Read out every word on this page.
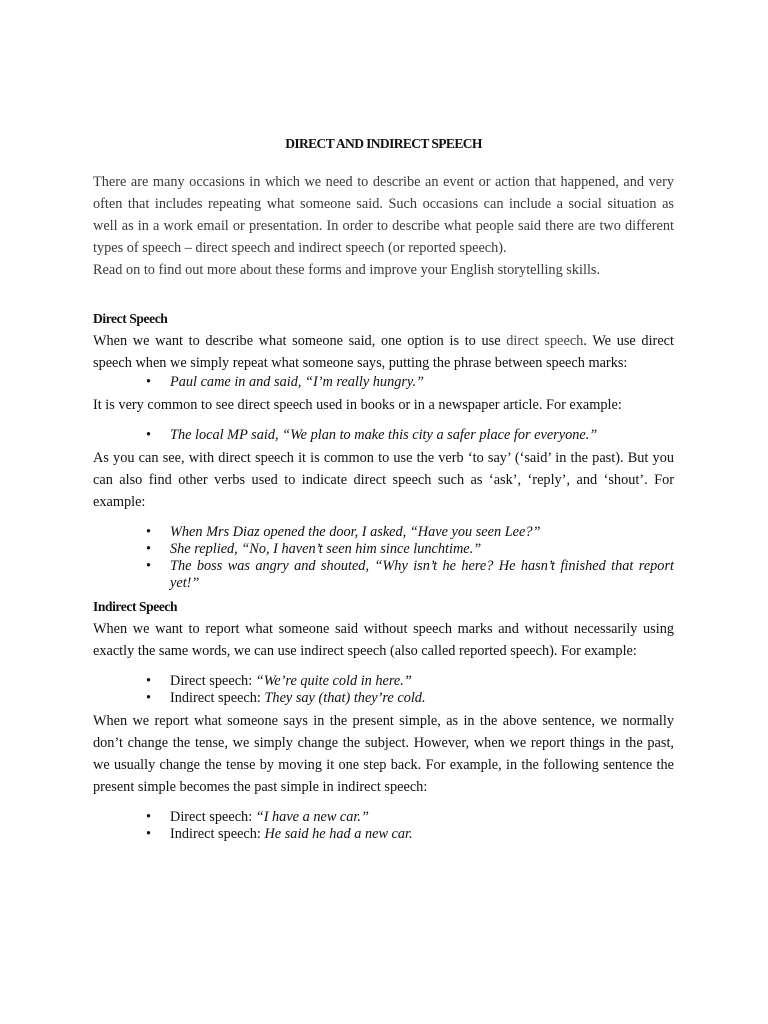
DIRECT AND INDIRECT SPEECH

There are many occasions in which we need to describe an event or action that happened, and very often that includes repeating what someone said. Such occasions can include a social situation as well as in a work email or presentation. In order to describe what people said there are two different types of speech – direct speech and indirect speech (or reported speech).

Read on to find out more about these forms and improve your English storytelling skills.

Direct Speech

When we want to describe what someone said, one option is to use direct speech. We use direct speech when we simply repeat what someone says, putting the phrase between speech marks:

• Paul came in and said, “I’m really hungry.”

It is very common to see direct speech used in books or in a newspaper article. For example:

• The local MP said, “We plan to make this city a safer place for everyone.”

As you can see, with direct speech it is common to use the verb ‘to say’ (‘said’ in the past). But you can also find other verbs used to indicate direct speech such as ‘ask’, ‘reply’, and ‘shout’. For example:

• When Mrs Diaz opened the door, I asked, “Have you seen Lee?”
• She replied, “No, I haven’t seen him since lunchtime.”
• The boss was angry and shouted, “Why isn’t he here? He hasn’t finished that report yet!”
Indirect Speech

When we want to report what someone said without speech marks and without necessarily using exactly the same words, we can use indirect speech (also called reported speech). For example:

• Direct speech: “We’re quite cold in here.”
• Indirect speech: They say (that) they’re cold.

When we report what someone says in the present simple, as in the above sentence, we normally don’t change the tense, we simply change the subject. However, when we report things in the past, we usually change the tense by moving it one step back. For example, in the following sentence the present simple becomes the past simple in indirect speech:

• Direct speech: “I have a new car.”
• Indirect speech: He said he had a new car.
